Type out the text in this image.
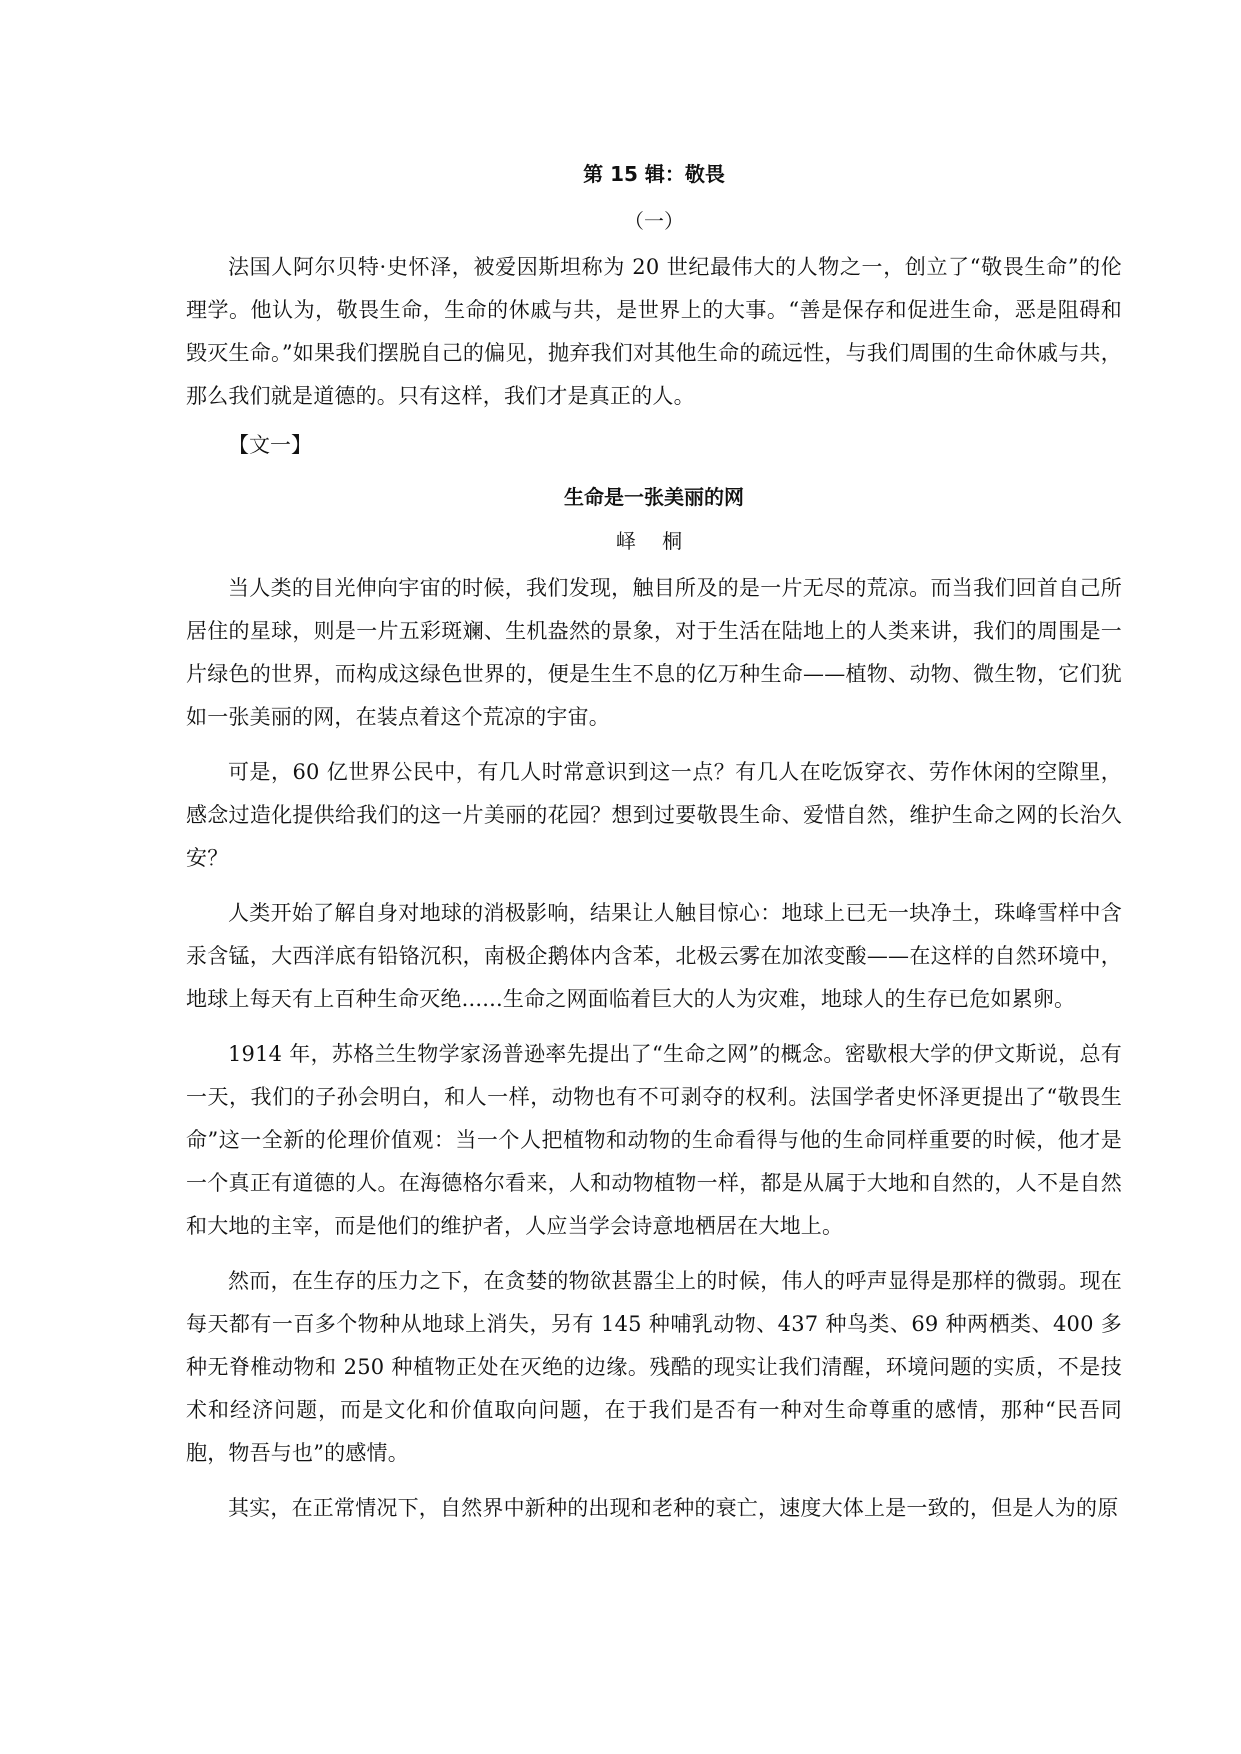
第 15 辑：敬畏
（一）

法国人阿尔贝特·史怀泽，被爱因斯坦称为 20 世纪最伟大的人物之一，创立了“敬畏生命”的伦理学。他认为，敬畏生命，生命的休戚与共，是世界上的大事。“善是保存和促进生命，恶是阻碍和毁灭生命。”如果我们摆脱自己的偏见，抛弃我们对其他生命的疏远性，与我们周围的生命休戚与共，那么我们就是道德的。只有这样，我们才是真正的人。

【文一】
生命是一张美丽的网
峄 桐

当人类的目光伸向宇宙的时候，我们发现，触目所及的是一片无尽的荒凉。而当我们回首自己所居住的星球，则是一片五彩斑斓、生机盎然的景象，对于生活在陆地上的人类来讲，我们的周围是一片绿色的世界，而构成这绿色世界的，便是生生不息的亿万种生命——植物、动物、微生物，它们犹如一张美丽的网，在装点着这个荒凉的宇宙。

可是，60 亿世界公民中，有几人时常意识到这一点？有几人在吃饭穿衣、劳作休闲的空隙里，感念过造化提供给我们的这一片美丽的花园？想到过要敬畏生命、爱惜自然，维护生命之网的长治久安？

人类开始了解自身对地球的消极影响，结果让人触目惊心：地球上已无一块净土，珠峰雪样中含汞含锰，大西洋底有铅铬沉积，南极企鹅体内含苯，北极云雾在加浓变酸——在这样的自然环境中，地球上每天有上百种生命灭绝......生命之网面临着巨大的人为灾难，地球人的生存已危如累卵。

1914 年，苏格兰生物学家汤普逊率先提出了“生命之网”的概念。密歇根大学的伊文斯说，总有一天，我们的子孙会明白，和人一样，动物也有不可剥夺的权利。法国学者史怀泽更提出了“敬畏生命”这一全新的伦理价值观：当一个人把植物和动物的生命看得与他的生命同样重要的时候，他才是一个真正有道德的人。在海德格尔看来，人和动物植物一样，都是从属于大地和自然的，人不是自然和大地的主宰，而是他们的维护者，人应当学会诗意地栖居在大地上。

然而，在生存的压力之下，在贪婪的物欲甚嚣尘上的时候，伟人的呼声显得是那样的微弱。现在每天都有一百多个物种从地球上消失，另有 145 种哺乳动物、437 种鸟类、69 种两栖类、400 多种无脊椎动物和 250 种植物正处在灭绝的边缘。残酷的现实让我们清醒，环境问题的实质，不是技术和经济问题，而是文化和价值取向问题，在于我们是否有一种对生命尊重的感情，那种“民吾同胞，物吾与也”的感情。

其实，在正常情况下，自然界中新种的出现和老种的衰亡，速度大体上是一致的，但是人为的原
